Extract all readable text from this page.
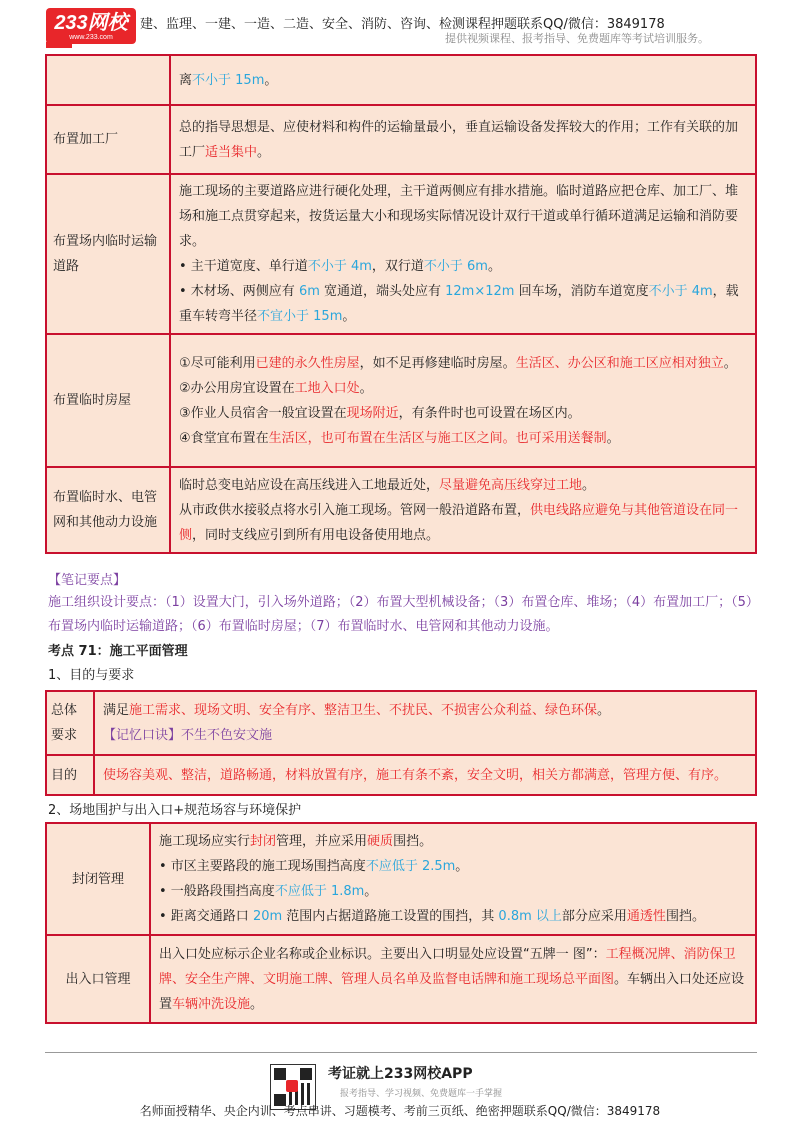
233网校
www.233.com
建、监理、一建、一造、二造、安全、消防、咨询、检测课程押题联系QQ/微信：3849178
提供视频课程、报考指导、免费题库等考试培训服务。
	离不小于 15m。
布置加工厂	总的指导思想是、应使材料和构件的运输量最小，垂直运输设备发挥较大的作用；工作有关联的加工厂适当集中。
布置场内临时运输道路	施工现场的主要道路应进行硬化处理，主干道两侧应有排水措施。临时道路应把仓库、加工厂、堆场和施工点贯穿起来，按货运量大小和现场实际情况设计双行干道或单行循环道满足运输和消防要求。
• 主干道宽度、单行道不小于 4m，双行道不小于 6m。
• 木材场、两侧应有 6m 宽通道，端头处应有 12m×12m 回车场，消防车道宽度不小于 4m，载重车转弯半径不宜小于 15m。

布置临时房屋	①尽可能利用已建的永久性房屋，如不足再修建临时房屋。生活区、办公区和施工区应相对独立。
②办公用房宜设置在工地入口处。
③作业人员宿舍一般宜设置在现场附近，有条件时也可设置在场区内。
④食堂宜布置在生活区，也可布置在生活区与施工区之间。也可采用送餐制。

布置临时水、电管网和其他动力设施	临时总变电站应设在高压线进入工地最近处，尽量避免高压线穿过工地。
从市政供水接驳点将水引入施工现场。管网一般沿道路布置，供电线路应避免与其他管道设在同一侧，同时支线应引到所有用电设备使用地点。
【笔记要点】
施工组织设计要点：（1）设置大门，引入场外道路；（2）布置大型机械设备；（3）布置仓库、堆场；（4）布置加工厂；（5）布置场内临时运输道路；（6）布置临时房屋；（7）布置临时水、电管网和其他动力设施。
考点 71：施工平面管理
1、目的与要求
总体要求	满足施工需求、现场文明、安全有序、整洁卫生、不扰民、不损害公众利益、绿色环保。
【记忆口诀】不生不色安文施

目的	使场容美观、整洁，道路畅通，材料放置有序，施工有条不紊，安全文明，相关方都满意，管理方便、有序。
2、场地围护与出入口+规范场容与环境保护
封闭管理	施工现场应实行封闭管理，并应采用硬质围挡。
• 市区主要路段的施工现场围挡高度不应低于 2.5m。
• 一般路段围挡高度不应低于 1.8m。
• 距离交通路口 20m 范围内占据道路施工设置的围挡，其 0.8m 以上部分应采用通透性围挡。

出入口管理	出入口处应标示企业名称或企业标识。主要出入口明显处应设置“五牌一 图”：工程概况牌、消防保卫牌、安全生产牌、文明施工牌、管理人员名单及监督电话牌和施工现场总平面图。车辆出入口处还应设置车辆冲洗设施。
考证就上233网校APP
报考指导、学习视频、免费题库一手掌握
名师面授精华、央企内训、考点串讲、习题模考、考前三页纸、绝密押题联系QQ/微信：3849178
